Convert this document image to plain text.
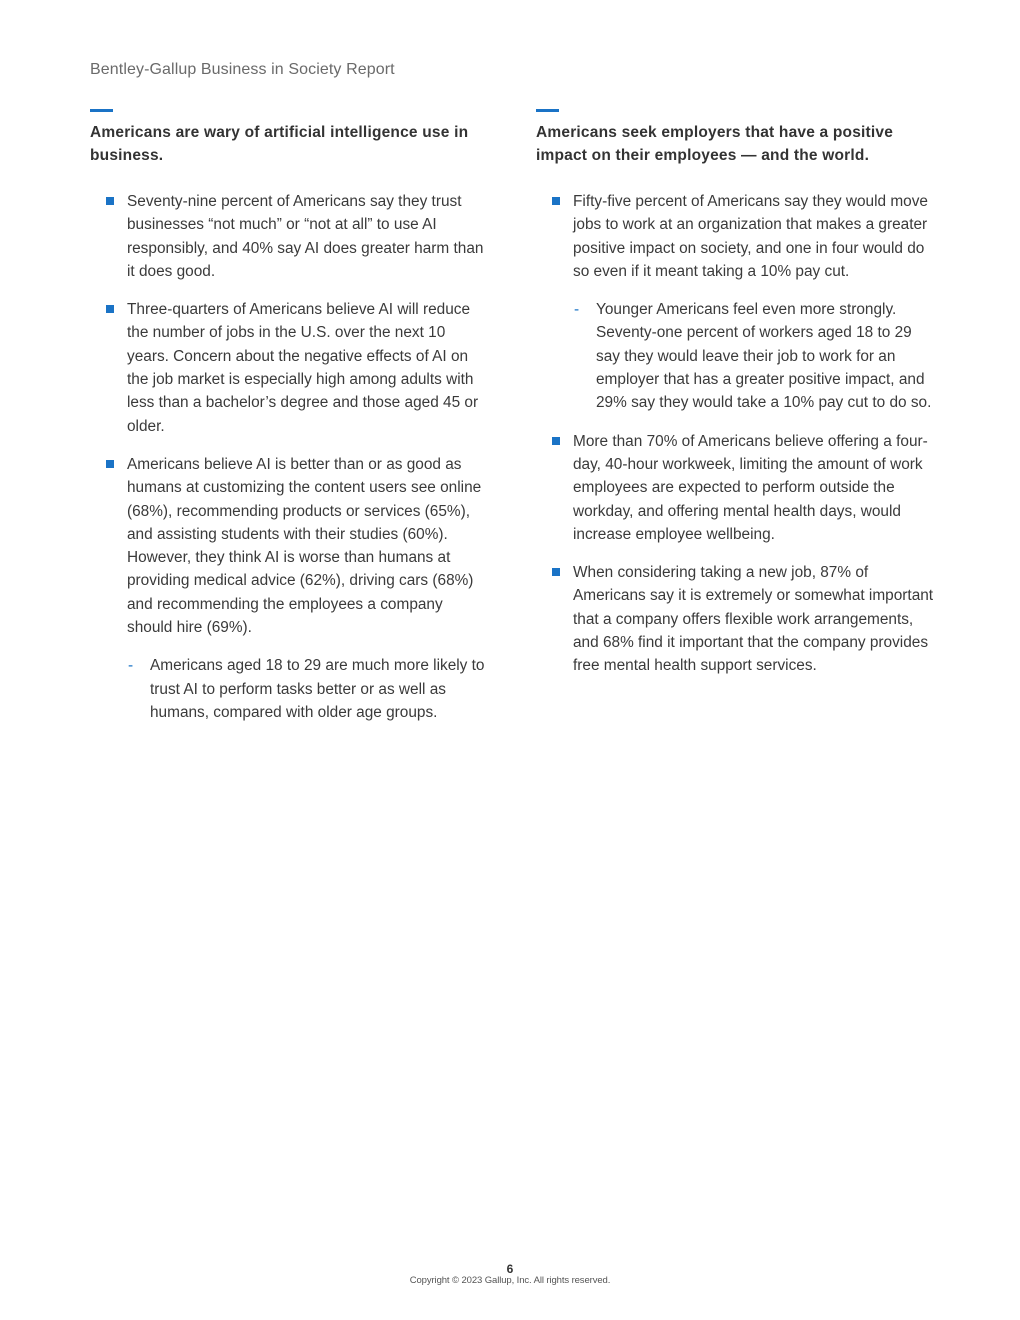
Bentley-Gallup Business in Society Report
Americans are wary of artificial intelligence use in business.
Seventy-nine percent of Americans say they trust businesses “not much” or “not at all” to use AI responsibly, and 40% say AI does greater harm than it does good.
Three-quarters of Americans believe AI will reduce the number of jobs in the U.S. over the next 10 years. Concern about the negative effects of AI on the job market is especially high among adults with less than a bachelor’s degree and those aged 45 or older.
Americans believe AI is better than or as good as humans at customizing the content users see online (68%), recommending products or services (65%), and assisting students with their studies (60%). However, they think AI is worse than humans at providing medical advice (62%), driving cars (68%) and recommending the employees a company should hire (69%).
- Americans aged 18 to 29 are much more likely to trust AI to perform tasks better or as well as humans, compared with older age groups.
Americans seek employers that have a positive impact on their employees — and the world.
Fifty-five percent of Americans say they would move jobs to work at an organization that makes a greater positive impact on society, and one in four would do so even if it meant taking a 10% pay cut.
- Younger Americans feel even more strongly. Seventy-one percent of workers aged 18 to 29 say they would leave their job to work for an employer that has a greater positive impact, and 29% say they would take a 10% pay cut to do so.
More than 70% of Americans believe offering a four-day, 40-hour workweek, limiting the amount of work employees are expected to perform outside the workday, and offering mental health days, would increase employee wellbeing.
When considering taking a new job, 87% of Americans say it is extremely or somewhat important that a company offers flexible work arrangements, and 68% find it important that the company provides free mental health support services.
6
Copyright © 2023 Gallup, Inc. All rights reserved.
